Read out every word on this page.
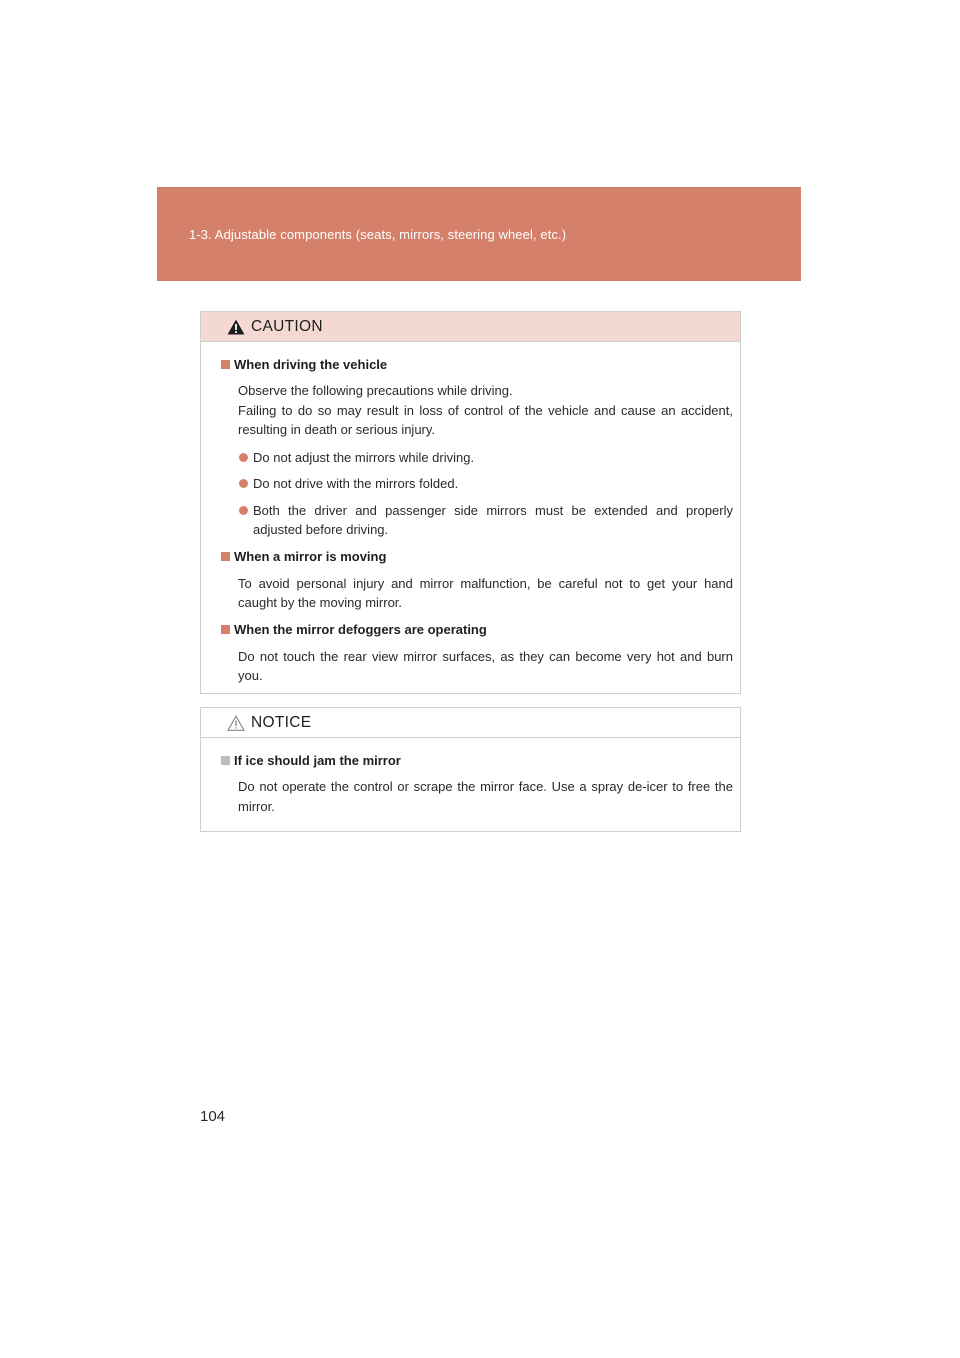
1-3. Adjustable components (seats, mirrors, steering wheel, etc.)
CAUTION
When driving the vehicle

Observe the following precautions while driving.

Failing to do so may result in loss of control of the vehicle and cause an accident, resulting in death or serious injury.

Do not adjust the mirrors while driving.

Do not drive with the mirrors folded.

Both the driver and passenger side mirrors must be extended and properly adjusted before driving.

When a mirror is moving

To avoid personal injury and mirror malfunction, be careful not to get your hand caught by the moving mirror.

When the mirror defoggers are operating

Do not touch the rear view mirror surfaces, as they can become very hot and burn you.

NOTICE
If ice should jam the mirror

Do not operate the control or scrape the mirror face. Use a spray de-icer to free the mirror.

104
